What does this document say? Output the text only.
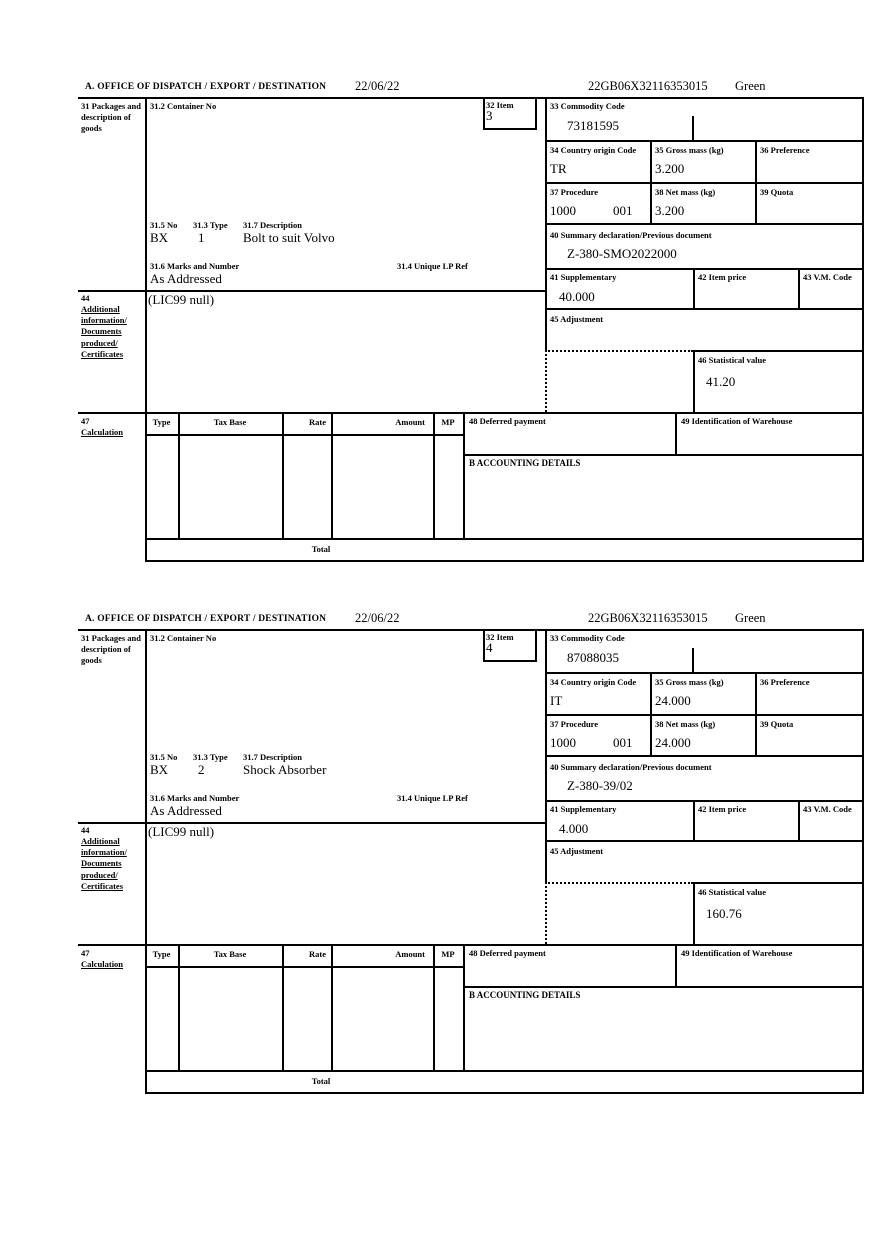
A. OFFICE OF DISPATCH / EXPORT / DESTINATION 22/06/22	22GB06X32116353015 Green
31 Packages and description of goods
44
Additional information/ Documents produced/ Certificates
47
Calculation
31.2 Container No	32 Item
3
31.5 No 31.3 Type 31.7 Description
BX 1	Bolt to suit Volvo
31.6 Marks and Number	31.4 Unique LP Ref
As Addressed
(LIC99 null)
33 Commodity Code
73181595
34 Country origin Code
TR
35 Gross mass (kg)
3.200
36 Preference
37 Procedure
1000	001
38 Net mass (kg)
3.200
39 Quota
40 Summary declaration/Previous document
Z-380-SMO2022000
41 Supplementary
40.000
42 Item price	43 V.M. Code
45 Adjustment
46 Statistical value
41.20
Type	Tax Base	Rate	Amount	MP	48 Deferred payment	49 Identification of Warehouse
B ACCOUNTING DETAILS
Total
A. OFFICE OF DISPATCH / EXPORT / DESTINATION 22/06/22	22GB06X32116353015 Green
31 Packages and description of goods
44
Additional information/ Documents produced/ Certificates
47
Calculation
31.2 Container No	32 Item
4
31.5 No 31.3 Type 31.7 Description
BX 2	Shock Absorber
31.6 Marks and Number	31.4 Unique LP Ref
As Addressed
(LIC99 null)
33 Commodity Code
87088035
34 Country origin Code
IT
35 Gross mass (kg)
24.000
36 Preference
37 Procedure
1000	001
38 Net mass (kg)
24.000
39 Quota
40 Summary declaration/Previous document
Z-380-39/02
41 Supplementary
4.000
42 Item price	43 V.M. Code
45 Adjustment
46 Statistical value
160.76
Type	Tax Base	Rate	Amount	MP	48 Deferred payment	49 Identification of Warehouse
B ACCOUNTING DETAILS
Total
